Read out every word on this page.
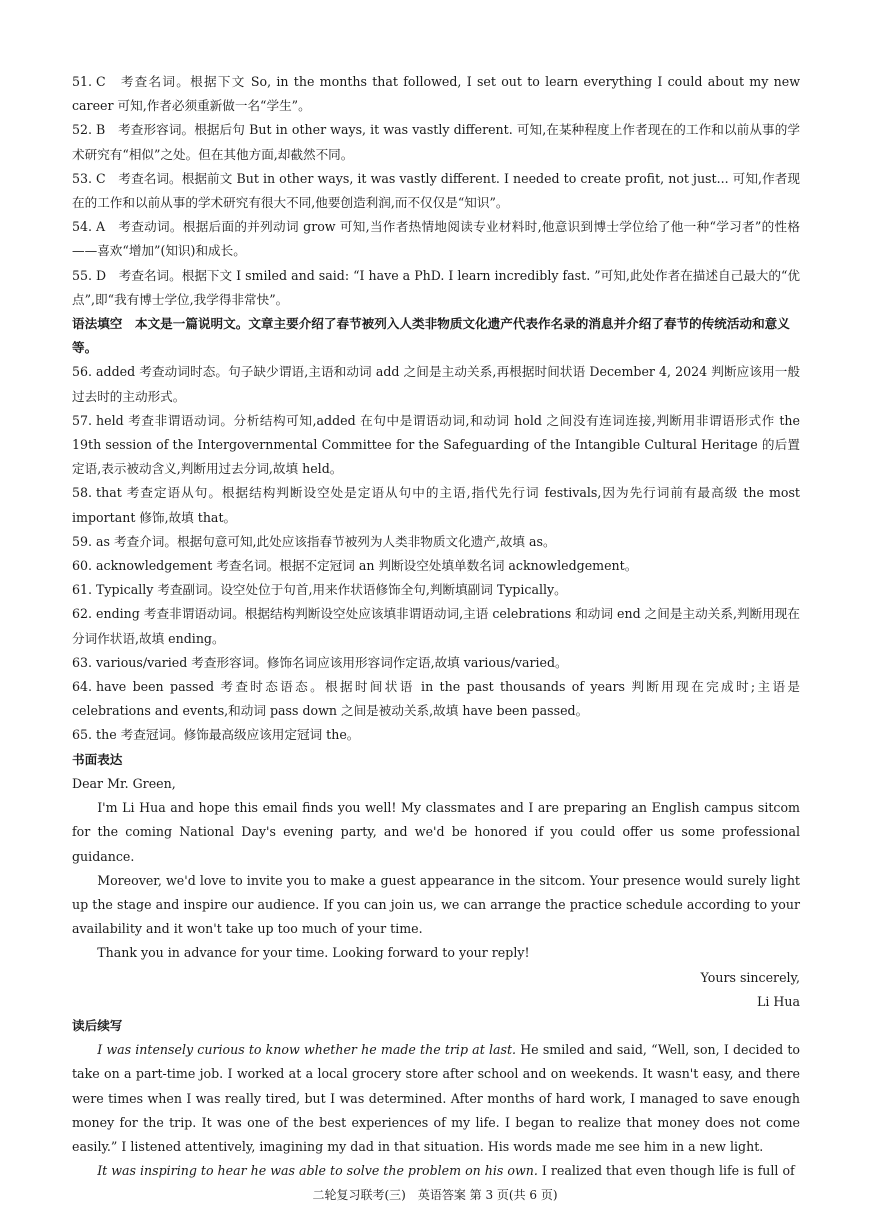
51. C　 考查名词。根据下文 So, in the months that followed, I set out to learn everything I could about my new career 可知,作者必须重新做一名“学生”。

52. B　 考查形容词。根据后句 But in other ways, it was vastly different. 可知,在某种程度上作者现在的工作和以前从事的学术研究有“相似”之处。但在其他方面,却截然不同。

53. C　 考查名词。根据前文 But in other ways, it was vastly different. I needed to create profit, not just... 可知,作者现在的工作和以前从事的学术研究有很大不同,他要创造利润,而不仅仅是“知识”。

54. A　 考查动词。根据后面的并列动词 grow 可知,当作者热情地阅读专业材料时,他意识到博士学位给了他一种“学习者”的性格——喜欢“增加”(知识)和成长。

55. D　 考查名词。根据下文 I smiled and said: “I have a PhD. I learn incredibly fast. ”可知,此处作者在描述自己最大的“优点”,即“我有博士学位,我学得非常快”。

语法填空　本文是一篇说明文。文章主要介绍了春节被列入人类非物质文化遗产代表作名录的消息并介绍了春节的传统活动和意义等。

56. added 考查动词时态。句子缺少谓语,主语和动词 add 之间是主动关系,再根据时间状语 December 4, 2024 判断应该用一般过去时的主动形式。

57. held 考查非谓语动词。分析结构可知,added 在句中是谓语动词,和动词 hold 之间没有连词连接,判断用非谓语形式作 the 19th session of the Intergovernmental Committee for the Safeguarding of the Intangible Cultural Heritage 的后置定语,表示被动含义,判断用过去分词,故填 held。

58. that 考查定语从句。根据结构判断设空处是定语从句中的主语,指代先行词 festivals,因为先行词前有最高级 the most important 修饰,故填 that。

59. as 考查介词。根据句意可知,此处应该指春节被列为人类非物质文化遗产,故填 as。

60. acknowledgement 考查名词。根据不定冠词 an 判断设空处填单数名词 acknowledgement。

61. Typically 考查副词。设空处位于句首,用来作状语修饰全句,判断填副词 Typically。

62. ending 考查非谓语动词。根据结构判断设空处应该填非谓语动词,主语 celebrations 和动词 end 之间是主动关系,判断用现在分词作状语,故填 ending。

63. various/varied 考查形容词。修饰名词应该用形容词作定语,故填 various/varied。

64. have been passed 考查时态语态。根据时间状语 in the past thousands of years 判断用现在完成时;主语是 celebrations and events,和动词 pass down 之间是被动关系,故填 have been passed。

65. the 考查冠词。修饰最高级应该用定冠词 the。

书面表达

Dear Mr. Green,

I'm Li Hua and hope this email finds you well! My classmates and I are preparing an English campus sitcom for the coming National Day's evening party, and we'd be honored if you could offer us some professional guidance.

Moreover, we'd love to invite you to make a guest appearance in the sitcom. Your presence would surely light up the stage and inspire our audience. If you can join us, we can arrange the practice schedule according to your availability and it won't take up too much of your time.

Thank you in advance for your time. Looking forward to your reply!

Yours sincerely,

Li Hua

读后续写

I was intensely curious to know whether he made the trip at last. He smiled and said, “Well, son, I decided to take on a part-time job. I worked at a local grocery store after school and on weekends. It wasn't easy, and there were times when I was really tired, but I was determined. After months of hard work, I managed to save enough money for the trip. It was one of the best experiences of my life. I began to realize that money does not come easily.” I listened attentively, imagining my dad in that situation. His words made me see him in a new light.

It was inspiring to hear he was able to solve the problem on his own. I realized that even though life is full of

二轮复习联考(三)　英语答案 第 3 页(共 6 页)
